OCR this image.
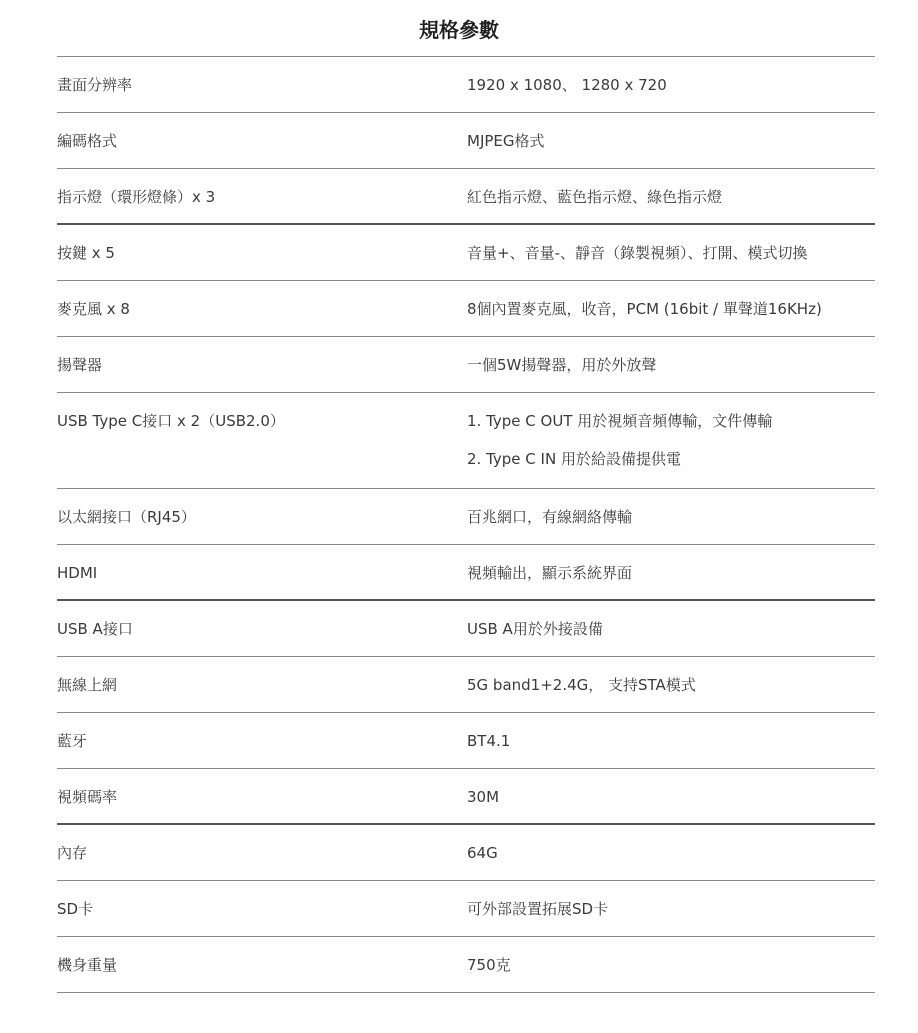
規格參數
畫面分辨率	1920 x 1080、 1280 x 720
編碼格式	MJPEG格式
指示燈（環形燈條）x 3	紅色指示燈、藍色指示燈、綠色指示燈
按鍵 x 5	音量+、音量-、靜音（錄製視頻）、打開、模式切換
麥克風 x 8	8個內置麥克風，收音，PCM (16bit / 單聲道16KHz)
揚聲器	一個5W揚聲器，用於外放聲
USB Type C接口 x 2（USB2.0）	1. Type C OUT 用於視頻音頻傳輸，文件傳輸
2. Type C IN 用於給設備提供電
以太網接口（RJ45）	百兆網口，有線網絡傳輸
HDMI	視頻輸出，顯示系統界面
USB A接口	USB A用於外接設備
無線上網	5G band1+2.4G， 支持STA模式
藍牙	BT4.1
視頻碼率	30M
內存	64G
SD卡	可外部設置拓展SD卡
機身重量	750克
